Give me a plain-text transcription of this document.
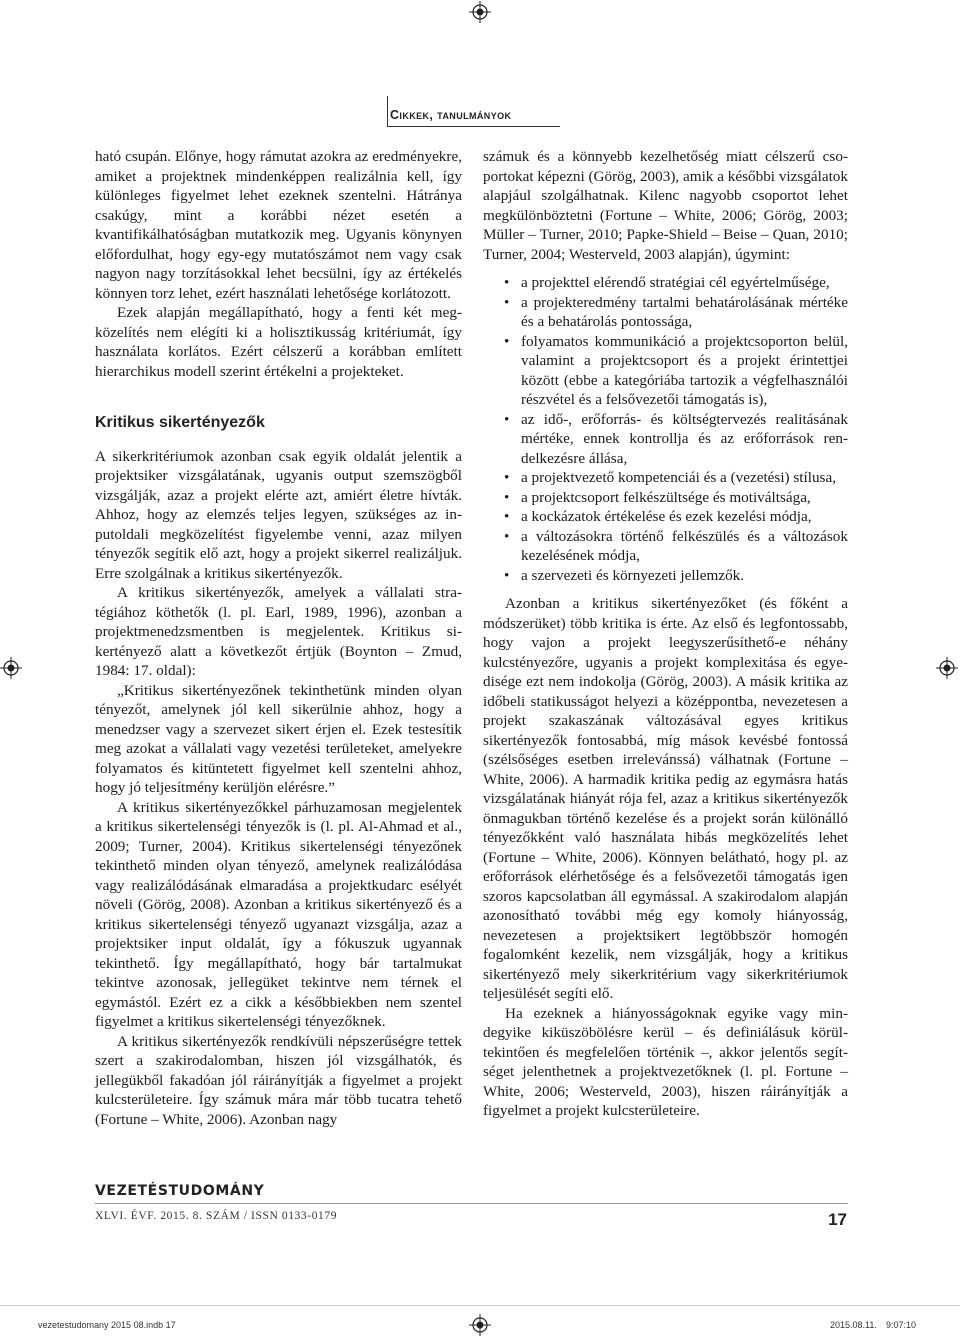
Cikkek, tanulmányok

ható csupán. Előnye, hogy rámutat azokra az eredményekre, amiket a projektnek mindenképpen realizálnia kell, így különleges figyelmet lehet ezeknek szentelni. Hátránya csakúgy, mint a korábbi nézet esetén a kvantifikálhatóságban mutatkozik meg. Ugyanis könynyen előfordulhat, hogy egy-egy mutatószámot nem vagy csak nagyon nagy torzításokkal lehet becsülni, így az értékelés könnyen torz lehet, ezért használati lehetősége korlátozott.

Ezek alapján megállapítható, hogy a fenti két megközelítés nem elégíti ki a holisztikusság kritériumát, így használata korlátos. Ezért célszerű a korábban említett hierarchikus modell szerint értékelni a projekteket.

Kritikus sikertényezők

A sikerkritériumok azonban csak egyik oldalát jelentik a projektsiker vizsgálatának, ugyanis output szemszögből vizsgálják, azaz a projekt elérte azt, amiért életre hívták. Ahhoz, hogy az elemzés teljes legyen, szükséges az inputoldali megközelítést figyelembe venni, azaz milyen tényezők segítik elő azt, hogy a projekt sikerrel realizáljuk. Erre szolgálnak a kritikus sikertényezők.

A kritikus sikertényezők, amelyek a vállalati stratégiához köthetők (l. pl. Earl, 1989, 1996), azonban a projektmenedzsmentben is megjelentek. Kritikus sikertényező alatt a következőt értjük (Boynton – Zmud, 1984: 17. oldal):

„Kritikus sikertényezőnek tekinthetünk minden olyan tényezőt, amelynek jól kell sikerülnie ahhoz, hogy a menedzser vagy a szervezet sikert érjen el. Ezek testesítik meg azokat a vállalati vagy vezetési területeket, amelyekre folyamatos és kitüntetett figyelmet kell szentelni ahhoz, hogy jó teljesítmény kerüljön elérésre.”

A kritikus sikertényezőkkel párhuzamosan megjelentek a kritikus sikertelenségi tényezők is (l. pl. Al-Ahmad et al., 2009; Turner, 2004). Kritikus sikertelenségi tényezőnek tekinthető minden olyan tényező, amelynek realizálódása vagy realizálódásának elmaradása a projektkudarc esélyét növeli (Görög, 2008). Azonban a kritikus sikertényező és a kritikus sikertelenségi tényező ugyanazt vizsgálja, azaz a projektsiker input oldalát, így a fókuszuk ugyannak tekinthető. Így megállapítható, hogy bár tartalmukat tekintve azonosak, jellegüket tekintve nem térnek el egymástól. Ezért ez a cikk a későbbiekben nem szentel figyelmet a kritikus sikertelenségi tényezőknek.

A kritikus sikertényezők rendkívüli népszerűségre tettek szert a szakirodalomban, hiszen jól vizsgálhatók, és jellegükből fakadóan jól ráirányítják a figyelmet a projekt kulcsterületeire. Így számuk mára már több tucatra tehető (Fortune – White, 2006). Azonban nagy

számuk és a könnyebb kezelhetőség miatt célszerű csoportokat képezni (Görög, 2003), amik a későbbi vizsgálatok alapjául szolgálhatnak. Kilenc nagyobb csoportot lehet megkülönböztetni (Fortune – White, 2006; Görög, 2003; Müller – Turner, 2010; Papke-Shield – Beise – Quan, 2010; Turner, 2004; Westerveld, 2003 alapján), úgymint:

• a projekttel elérendő stratégiai cél egyértelműsége,
• a projekteredmény tartalmi behatárolásának mértéke és a behatárolás pontossága,
• folyamatos kommunikáció a projektcsoporton belül, valamint a projektcsoport és a projekt érintettjei között (ebbe a kategóriába tartozik a végfelhasználói részvétel és a felsővezetői támogatás is),
• az idő-, erőforrás- és költségtervezés realitásának mértéke, ennek kontrollja és az erőforrások rendelkezésre állása,
• a projektvezető kompetenciái és a (vezetési) stílusa,
• a projektcsoport felkészültsége és motiváltsága,
• a kockázatok értékelése és ezek kezelési módja,
• a változásokra történő felkészülés és a változások kezelésének módja,
• a szervezeti és környezeti jellemzők.

Azonban a kritikus sikertényezőket (és főként a módszerüket) több kritika is érte. Az első és legfontossabb, hogy vajon a projekt leegyszerűsíthető-e néhány kulcstényezőre, ugyanis a projekt komplexitása és egyedisége ezt nem indokolja (Görög, 2003). A másik kritika az időbeli statikusságot helyezi a középpontba, nevezetesen a projekt szakaszának változásával egyes kritikus sikertényezők fontosabbá, míg mások kevésbé fontossá (szélsőséges esetben irrelevánssá) válhatnak (Fortune – White, 2006). A harmadik kritika pedig az egymásra hatás vizsgálatának hiányát rója fel, azaz a kritikus sikertényezők önmagukban történő kezelése és a projekt során különálló tényezőkként való használata hibás megközelítés lehet (Fortune – White, 2006). Könnyen belátható, hogy pl. az erőforrások elérhetősége és a felsővezetői támogatás igen szoros kapcsolatban áll egymással. A szakirodalom alapján azonosítható további még egy komoly hiányosság, nevezetesen a projektsikert legtöbbször homogén fogalomként kezelik, nem vizsgálják, hogy a kritikus sikertényező mely sikerkritérium vagy sikerkritériumok teljesülését segíti elő.

Ha ezeknek a hiányosságoknak egyike vagy mindegyike kiküszöbölésre kerül – és definiálásuk körültekintően és megfelelően történik –, akkor jelentős segítséget jelenthetnek a projektvezetőknek (l. pl. Fortune – White, 2006; Westerveld, 2003), hiszen ráirányítják a figyelmet a projekt kulcsterületeire.

VEZETÉSTUDOMÁNY
XLVI. ÉVF. 2015. 8. SZÁM / ISSN 0133-0179	17
vezetestudomany 2015 08.indb 17	2015.08.11. 9:07:10
